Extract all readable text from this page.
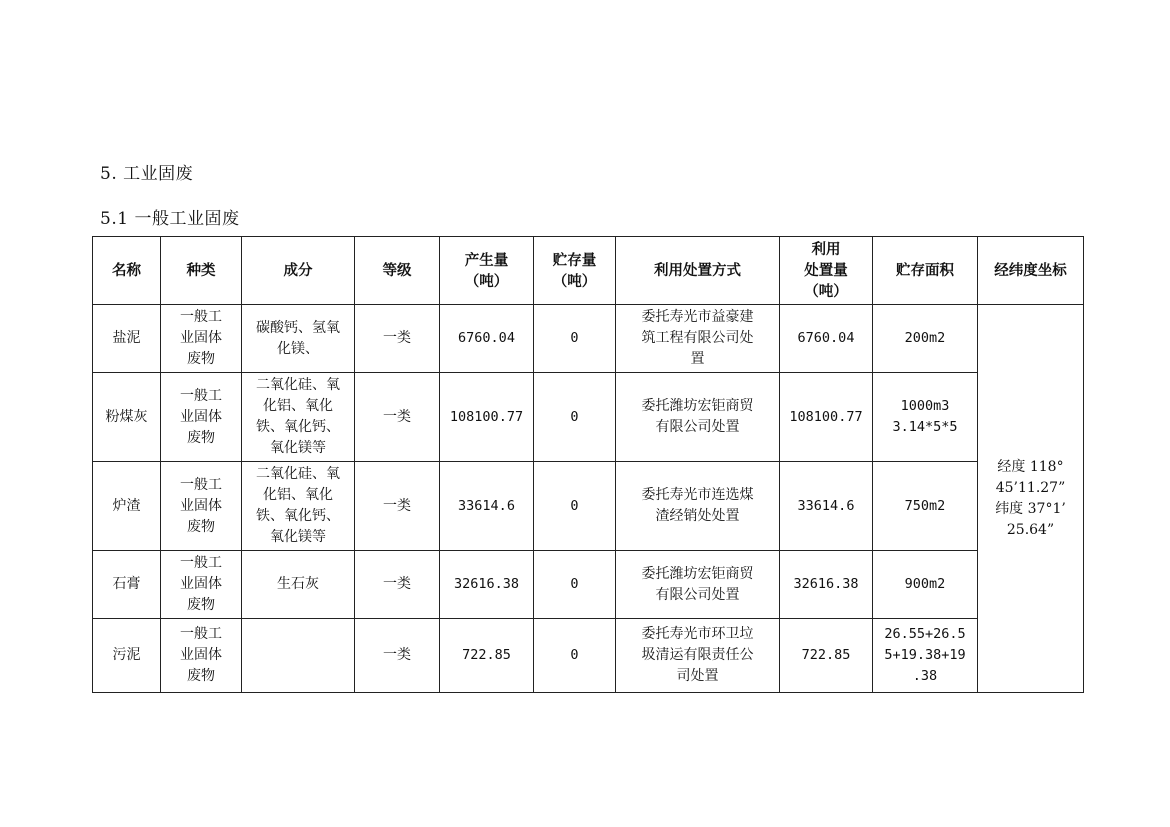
5. 工业固废
5.1 一般工业固废
名称	种类	成分	等级	产生量
（吨）	贮存量
（吨）	利用处置方式	利用
处置量
（吨）	贮存面积	经纬度坐标
盐泥	一般工
业固体
废物	碳酸钙、氢氧
化镁、	一类	6760.04	0	委托寿光市益豪建
筑工程有限公司处
置	6760.04	200m2	经度 118°
45’11.27”
纬度 37°1’
25.64”
粉煤灰	一般工
业固体
废物	二氧化硅、氧
化铝、氧化
铁、氧化钙、
氧化镁等	一类	108100.77	0	委托潍坊宏钜商贸
有限公司处置	108100.77	1000m3
3.14*5*5	
炉渣	一般工
业固体
废物	二氧化硅、氧
化铝、氧化
铁、氧化钙、
氧化镁等	一类	33614.6	0	委托寿光市连选煤
渣经销处处置	33614.6	750m2	
石膏	一般工
业固体
废物	生石灰	一类	32616.38	0	委托潍坊宏钜商贸
有限公司处置	32616.38	900m2	
污泥	一般工
业固体
废物		一类	722.85	0	委托寿光市环卫垃
圾清运有限责任公
司处置	722.85	26.55+26.5
5+19.38+19
.38	
